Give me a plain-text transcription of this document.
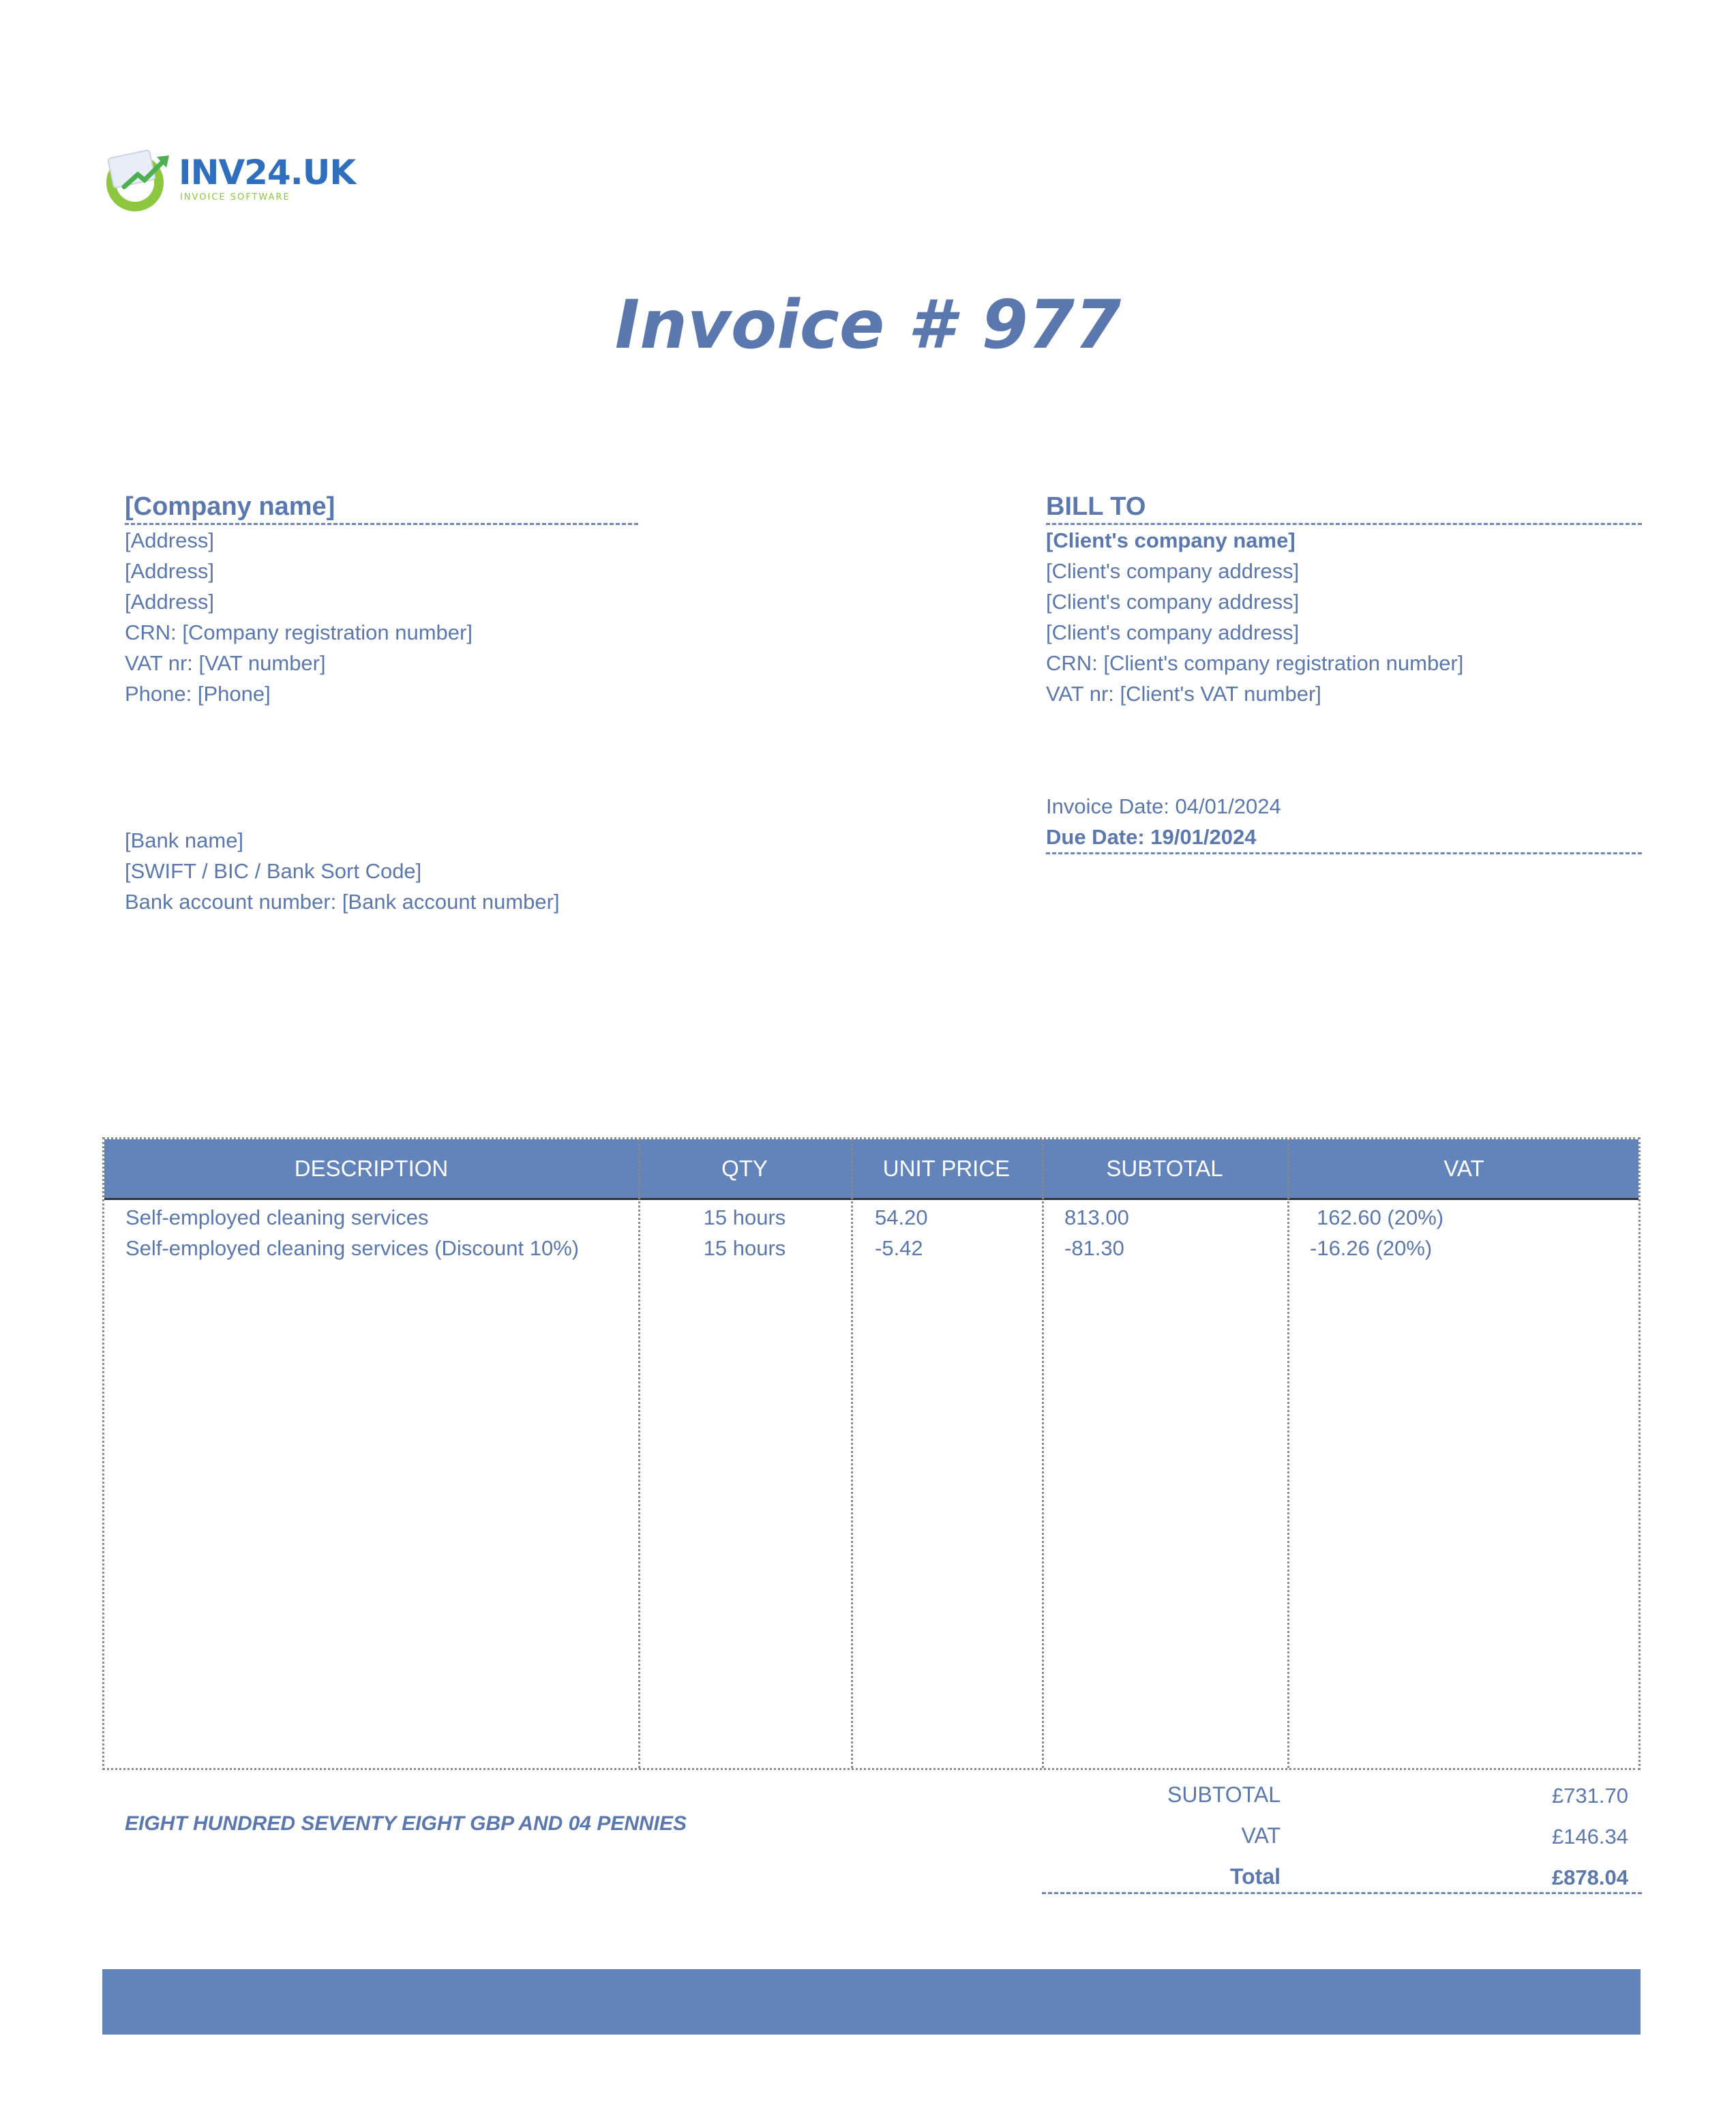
INV24.UK
INVOICE SOFTWARE
Invoice # 977
[Company name]
[Address]
[Address]
[Address]
CRN: [Company registration number]
VAT nr: [VAT number]
Phone: [Phone]
BILL TO
[Client's company name]
[Client's company address]
[Client's company address]
[Client's company address]
CRN: [Client's company registration number]
VAT nr: [Client's VAT number]
Invoice Date: 04/01/2024
Due Date: 19/01/2024
[Bank name]
[SWIFT / BIC / Bank Sort Code]
Bank account number: [Bank account number]
DESCRIPTION	QTY	UNIT PRICE	SUBTOTAL	VAT
Self-employed cleaning services	15 hours	54.20	813.00	162.60 (20%)
Self-employed cleaning services (Discount 10%)	15 hours	-5.42	-81.30	-16.26 (20%)
EIGHT HUNDRED SEVENTY EIGHT GBP AND 04 PENNIES
SUBTOTAL	£731.70
VAT	£146.34
Total	£878.04
